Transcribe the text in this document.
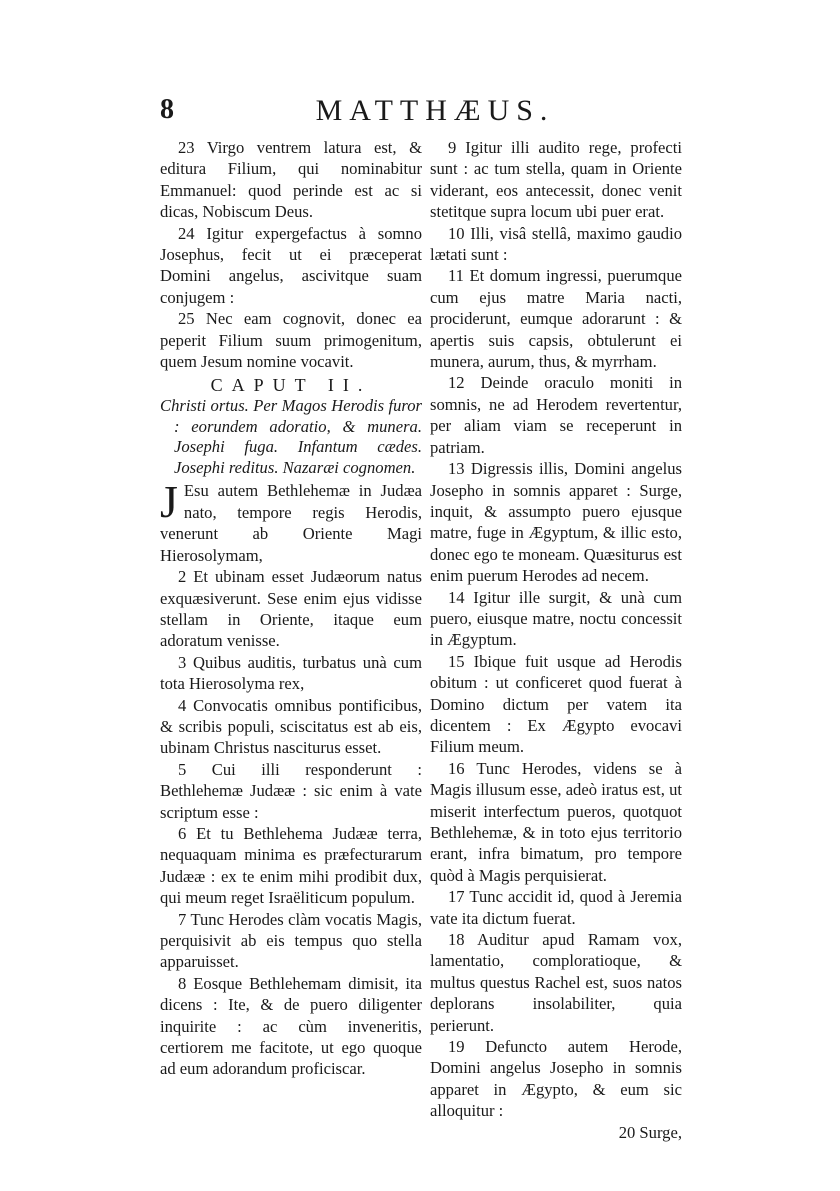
8	MATTHÆUS.

23 Virgo ventrem latura est, & editura Filium, qui nominabitur Emmanuel: quod perinde est ac si dicas, Nobiscum Deus.

24 Igitur expergefactus à somno Josephus, fecit ut ei præceperat Domini angelus, ascivitque suam conjugem :

25 Nec eam cognovit, donec ea peperit Filium suum primogenitum, quem Jesum nomine vocavit.

CAPUT II.

Christi ortus. Per Magos Herodis furor : eorundem adoratio, & munera. Josephi fuga. Infantum cædes. Josephi reditus. Nazaræi cognomen.

J Esu autem Bethlehemæ in Judæa nato, tempore regis Herodis, venerunt ab Oriente Magi Hierosolymam,

2 Et ubinam esset Judæorum natus exquæsiverunt. Sese enim ejus vidisse stellam in Oriente, itaque eum adoratum venisse.

3 Quibus auditis, turbatus unà cum tota Hierosolyma rex,

4 Convocatis omnibus pontificibus, & scribis populi, sciscitatus est ab eis, ubinam Christus nasciturus esset.

5 Cui illi responderunt : Bethlehemæ Judææ : sic enim à vate scriptum esse :

6 Et tu Bethlehema Judææ terra, nequaquam minima es præfecturarum Judææ : ex te enim mihi prodibit dux, qui meum reget Israëliticum populum.

7 Tunc Herodes clàm vocatis Magis, perquisivit ab eis tempus quo stella apparuisset.

8 Eosque Bethlehemam dimisit, ita dicens : Ite, & de puero diligenter inquirite : ac cùm inveneritis, certiorem me facitote, ut ego quoque ad eum adorandum proficiscar.

9 Igitur illi audito rege, profecti sunt : ac tum stella, quam in Oriente viderant, eos antecessit, donec venit stetitque supra locum ubi puer erat.

10 Illi, visâ stellâ, maximo gaudio lætati sunt :

11 Et domum ingressi, puerumque cum ejus matre Maria nacti, prociderunt, eumque adorarunt : & apertis suis capsis, obtulerunt ei munera, aurum, thus, & myrrham.

12 Deinde oraculo moniti in somnis, ne ad Herodem revertentur, per aliam viam se receperunt in patriam.

13 Digressis illis, Domini angelus Josepho in somnis apparet : Surge, inquit, & assumpto puero ejusque matre, fuge in Ægyptum, & illic esto, donec ego te moneam. Quæsiturus est enim puerum Herodes ad necem.

14 Igitur ille surgit, & unà cum puero, eiusque matre, noctu concessit in Ægyptum.

15 Ibique fuit usque ad Herodis obitum : ut conficeret quod fuerat à Domino dictum per vatem ita dicentem : Ex Ægypto evocavi Filium meum.

16 Tunc Herodes, videns se à Magis illusum esse, adeò iratus est, ut miserit interfectum pueros, quotquot Bethlehemæ, & in toto ejus territorio erant, infra bimatum, pro tempore quòd à Magis perquisierat.

17 Tunc accidit id, quod à Jeremia vate ita dictum fuerat.

18 Auditur apud Ramam vox, lamentatio, comploratioque, & multus questus Rachel est, suos natos deplorans insolabiliter, quia perierunt.

19 Defuncto autem Herode, Domini angelus Josepho in somnis apparet in Ægypto, & eum sic alloquitur :

20 Surge,
